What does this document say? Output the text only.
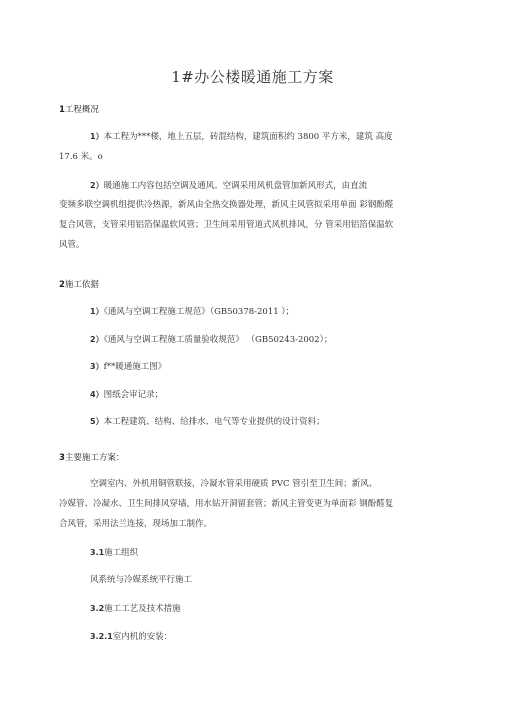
1#办公楼暖通施工方案
1工程概况
1）本工程为***楼，地上五层，砖混结构，建筑面积约 3800 平方米，建筑 高度
17.6 米。o
2）暖通施工内容包括空调及通风。空调采用风机盘管加新风形式，由直流
变频多联空调机组提供冷热源，新风由全热交换器处理，新风主风管拟采用单面 彩钢酚醛
复合风管，支管采用铝箔保温软风管；卫生间采用管道式风机排风，分 管采用铝箔保温软
风管。
2施工依据
1）《通风与空调工程施工规范》（GB50378-2011 ）；
2）《通风与空调工程施工质量验收规范》 （GB50243-2002）；
3）f**暖通施工图》
4）图纸会审记录；
5）本工程建筑、结构、给排水、电气等专业提供的设计资料；
3主要施工方案：
空调室内、外机用铜管联接，冷凝水管采用硬质 PVC 管引至卫生间；新风、
冷媒管、冷凝水、卫生间排风穿墙，用水钻开洞留套管；新风主管变更为单面彩 钢酚醛复
合风管，采用法兰连接，现场加工制作。
3.1施工组织
风系统与冷媒系统平行施工
3.2施工工艺及技术措施
3.2.1室内机的安装：
